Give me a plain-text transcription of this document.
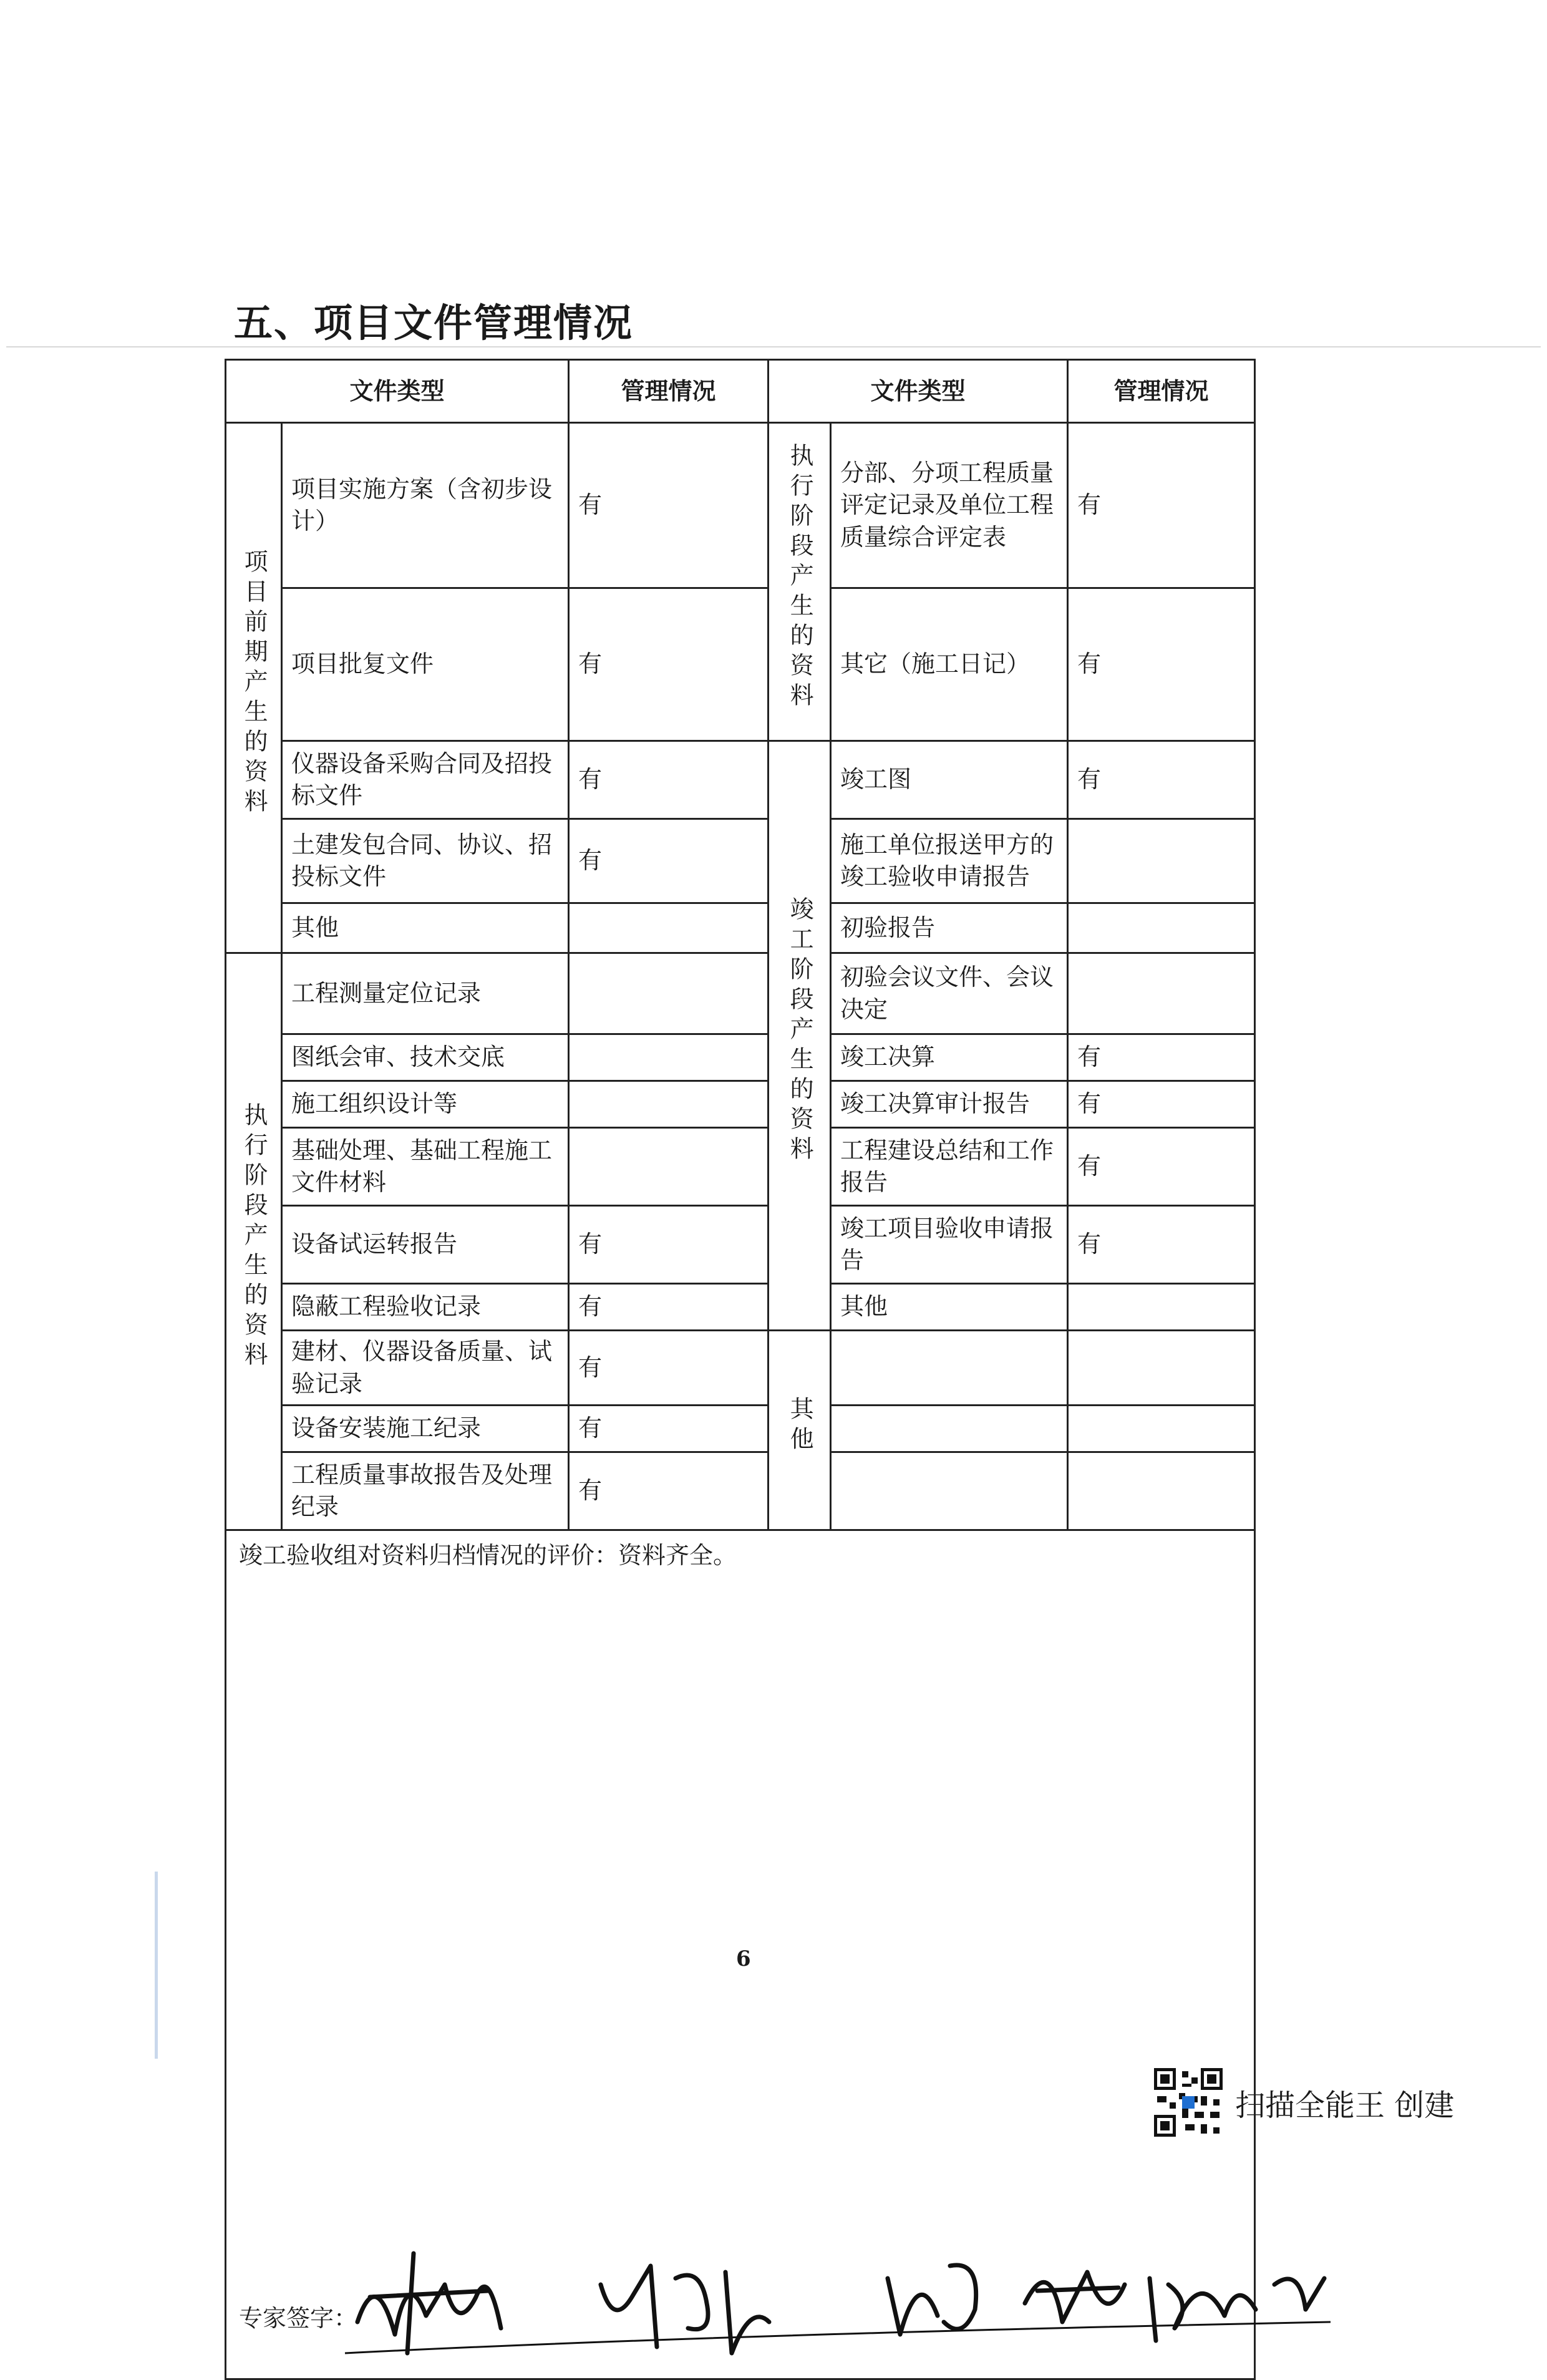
五、项目文件管理情况
文件类型		管理情况	文件类型		管理情况
项目前期产生的资料	项目实施方案（含初步设计）	有	执行阶段产生的资料	分部、分项工程质量评定记录及单位工程质量综合评定表	有
	项目批复文件	有		其它（施工日记）	有
	仪器设备采购合同及招投标文件	有	竣工阶段产生的资料	竣工图	有
	土建发包合同、协议、招投标文件	有		施工单位报送甲方的竣工验收申请报告	
	其他			初验报告	
执行阶段产生的资料	工程测量定位记录			初验会议文件、会议决定	
	图纸会审、技术交底			竣工决算	有
	施工组织设计等			竣工决算审计报告	有
	基础处理、基础工程施工文件材料			工程建设总结和工作报告	有
	设备试运转报告	有		竣工项目验收申请报告	有
	隐蔽工程验收记录	有		其他	
	建材、仪器设备质量、试验记录	有	其他		
	设备安装施工纪录	有			
	工程质量事故报告及处理纪录	有			

竣工验收组对资料归档情况的评价：资料齐全。
专家签字：					
6
扫描全能王 创建
